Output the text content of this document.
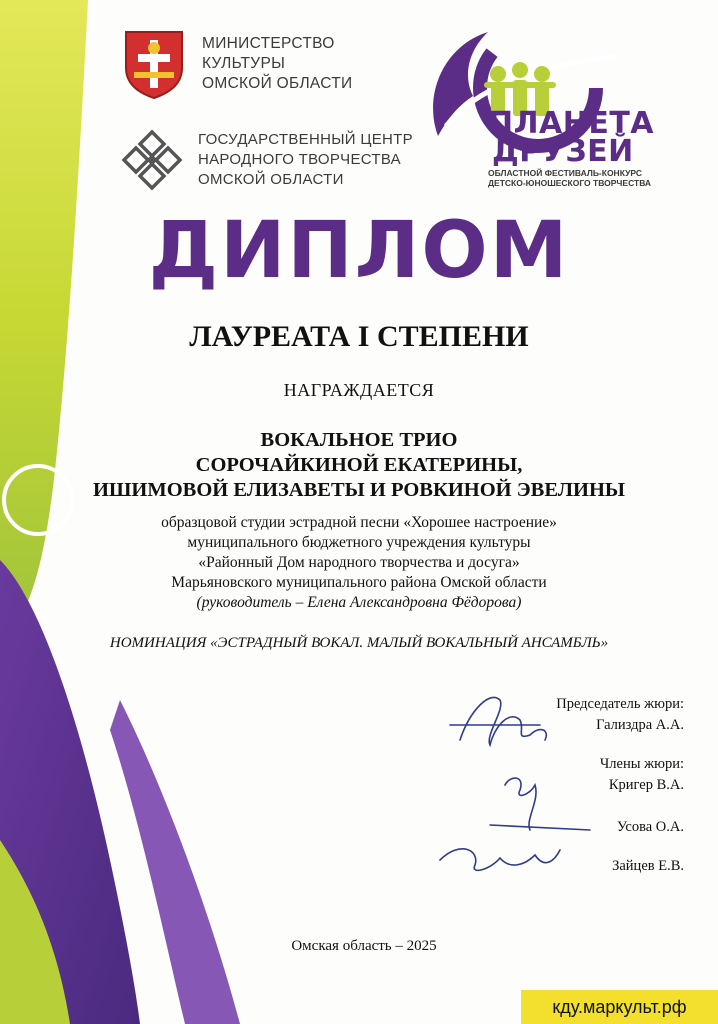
МИНИСТЕРСТВО
КУЛЬТУРЫ
ОМСКОЙ ОБЛАСТИ
ГОСУДАРСТВЕННЫЙ ЦЕНТР
НАРОДНОГО ТВОРЧЕСТВА
ОМСКОЙ ОБЛАСТИ
ПЛАНЕТА
ДРУЗЕЙ
ОБЛАСТНОЙ ФЕСТИВАЛЬ-КОНКУРС
ДЕТСКО-ЮНОШЕСКОГО ТВОРЧЕСТВА
ДИПЛОМ
ЛАУРЕАТА I СТЕПЕНИ
НАГРАЖДАЕТСЯ
ВОКАЛЬНОЕ ТРИО
СОРОЧАЙКИНОЙ ЕКАТЕРИНЫ,
ИШИМОВОЙ ЕЛИЗАВЕТЫ И РОВКИНОЙ ЭВЕЛИНЫ
образцовой студии эстрадной песни «Хорошее настроение»
муниципального бюджетного учреждения культуры
«Районный Дом народного творчества и досуга»
Марьяновского муниципального района Омской области
(руководитель – Елена Александровна Фёдорова)
НОМИНАЦИЯ «ЭСТРАДНЫЙ ВОКАЛ. МАЛЫЙ ВОКАЛЬНЫЙ АНСАМБЛЬ»
Председатель жюри:
Гализдра А.А.
Члены жюри:
Кригер В.А.
Усова О.А.
Зайцев Е.В.
Омская область – 2025
кду.маркульт.рф
